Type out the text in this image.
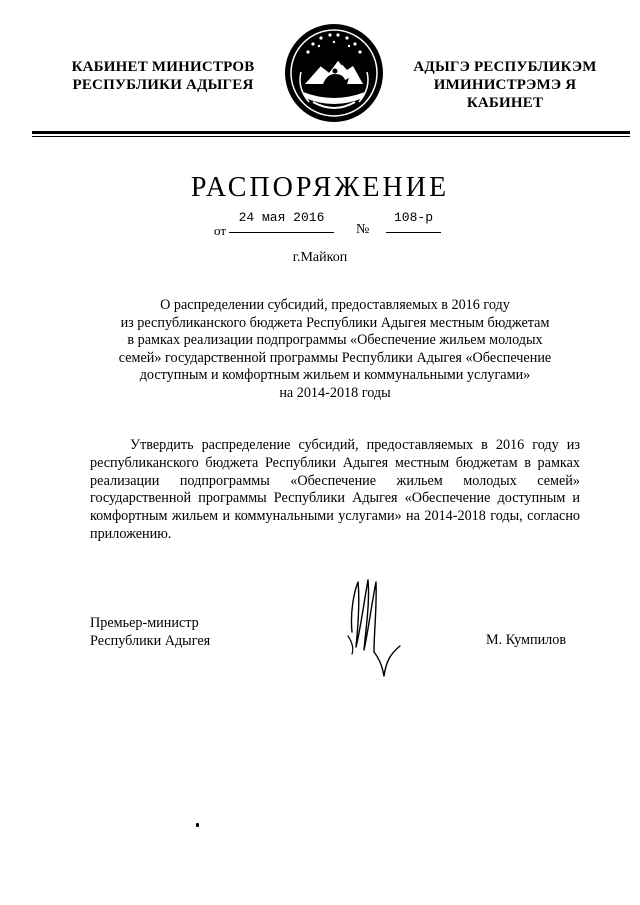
КАБИНЕТ МИНИСТРОВ
РЕСПУБЛИКИ АДЫГЕЯ
АДЫГЭ РЕСПУБЛИКЭМ
ИМИНИСТРЭМЭ Я КАБИНЕТ
РАСПОРЯЖЕНИЕ
от
24 мая 2016
№
108-р
г.Майкоп
О распределении субсидий, предоставляемых в 2016 году
из республиканского бюджета Республики Адыгея местным бюджетам
в рамках реализации подпрограммы «Обеспечение жильем молодых
семей» государственной программы Республики Адыгея «Обеспечение
доступным и комфортным жильем и коммунальными услугами»
на 2014-2018 годы
Утвердить распределение субсидий, предоставляемых в 2016 году из республиканского бюджета Республики Адыгея местным бюджетам в рамках реализации подпрограммы «Обеспечение жильем молодых семей» государственной программы Республики Адыгея «Обеспечение доступным и комфортным жильем и коммунальными услугами» на 2014-2018 годы, согласно приложению.
Премьер-министр
Республики Адыгея	М. Кумпилов
